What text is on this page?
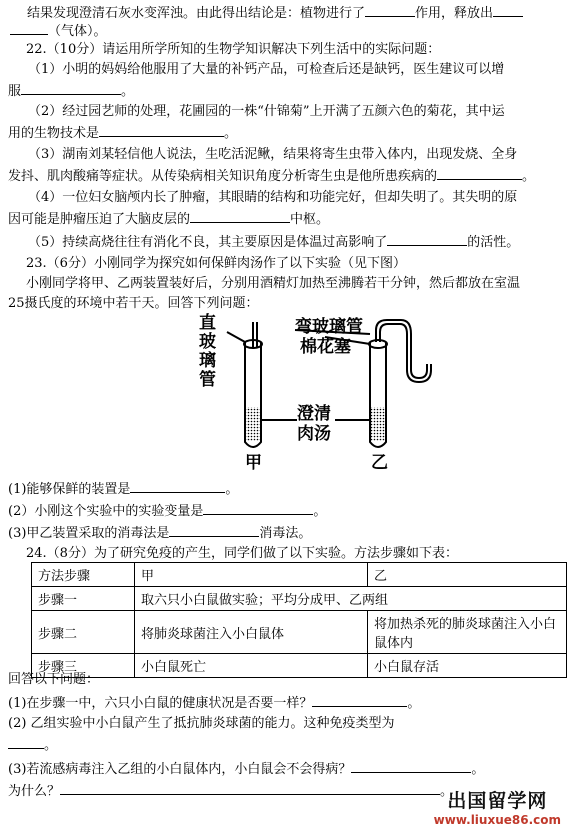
结果发现澄清石灰水变浑浊。由此得出结论是：植物进行了	作用，释放出
（气体）。
22.（10分）请运用所学所知的生物学知识解决下列生活中的实际问题：
（1）小明的妈妈给他服用了大量的补钙产品，可检查后还是缺钙，医生建议可以增
服	。
（2）经过园艺师的处理，花圃园的一株“什锦菊”上开满了五颜六色的菊花，其中运
用的生物技术是	。
（3）湖南刘某轻信他人说法，生吃活泥鳅，结果将寄生虫带入体内，出现发烧、全身
发抖、肌肉酸痛等症状。从传染病相关知识角度分析寄生虫是他所患疾病的	。
（4）一位妇女脑颅内长了肿瘤，其眼睛的结构和功能完好，但却失明了。其失明的原
因可能是肿瘤压迫了大脑皮层的	中枢。
（5）持续高烧往往有消化不良，其主要原因是体温过高影响了	的活性。
23.（6分）小刚同学为探究如何保鲜肉汤作了以下实验（见下图）
小刚同学将甲、乙两装置装好后，分别用酒精灯加热至沸腾若干分钟，然后都放在室温
25摄氏度的环境中若干天。回答下列问题：
直玻璃管
弯玻璃管
棉花塞
澄清肉汤
甲	乙
(1)能够保鲜的装置是	。
(2）小刚这个实验中的实验变量是	。
(3)甲乙装置采取的消毒法是	消毒法。
24.（8分）为了研究免疫的产生，同学们做了以下实验。方法步骤如下表：
方法步骤	甲	乙
步骤一	取六只小白鼠做实验；平均分成甲、乙两组	
步骤二	将肺炎球菌注入小白鼠体	将加热杀死的肺炎球菌注入小白鼠体内
步骤三	小白鼠死亡	小白鼠存活
回答以下问题：
(1)在步骤一中，六只小白鼠的健康状况是否要一样？	。
(2) 乙组实验中小白鼠产生了抵抗肺炎球菌的能力。这种免疫类型为
。
(3)若流感病毒注入乙组的小白鼠体内，小白鼠会不会得病？	。
为什么？	。
出国留学网
www.liuxue86.com
